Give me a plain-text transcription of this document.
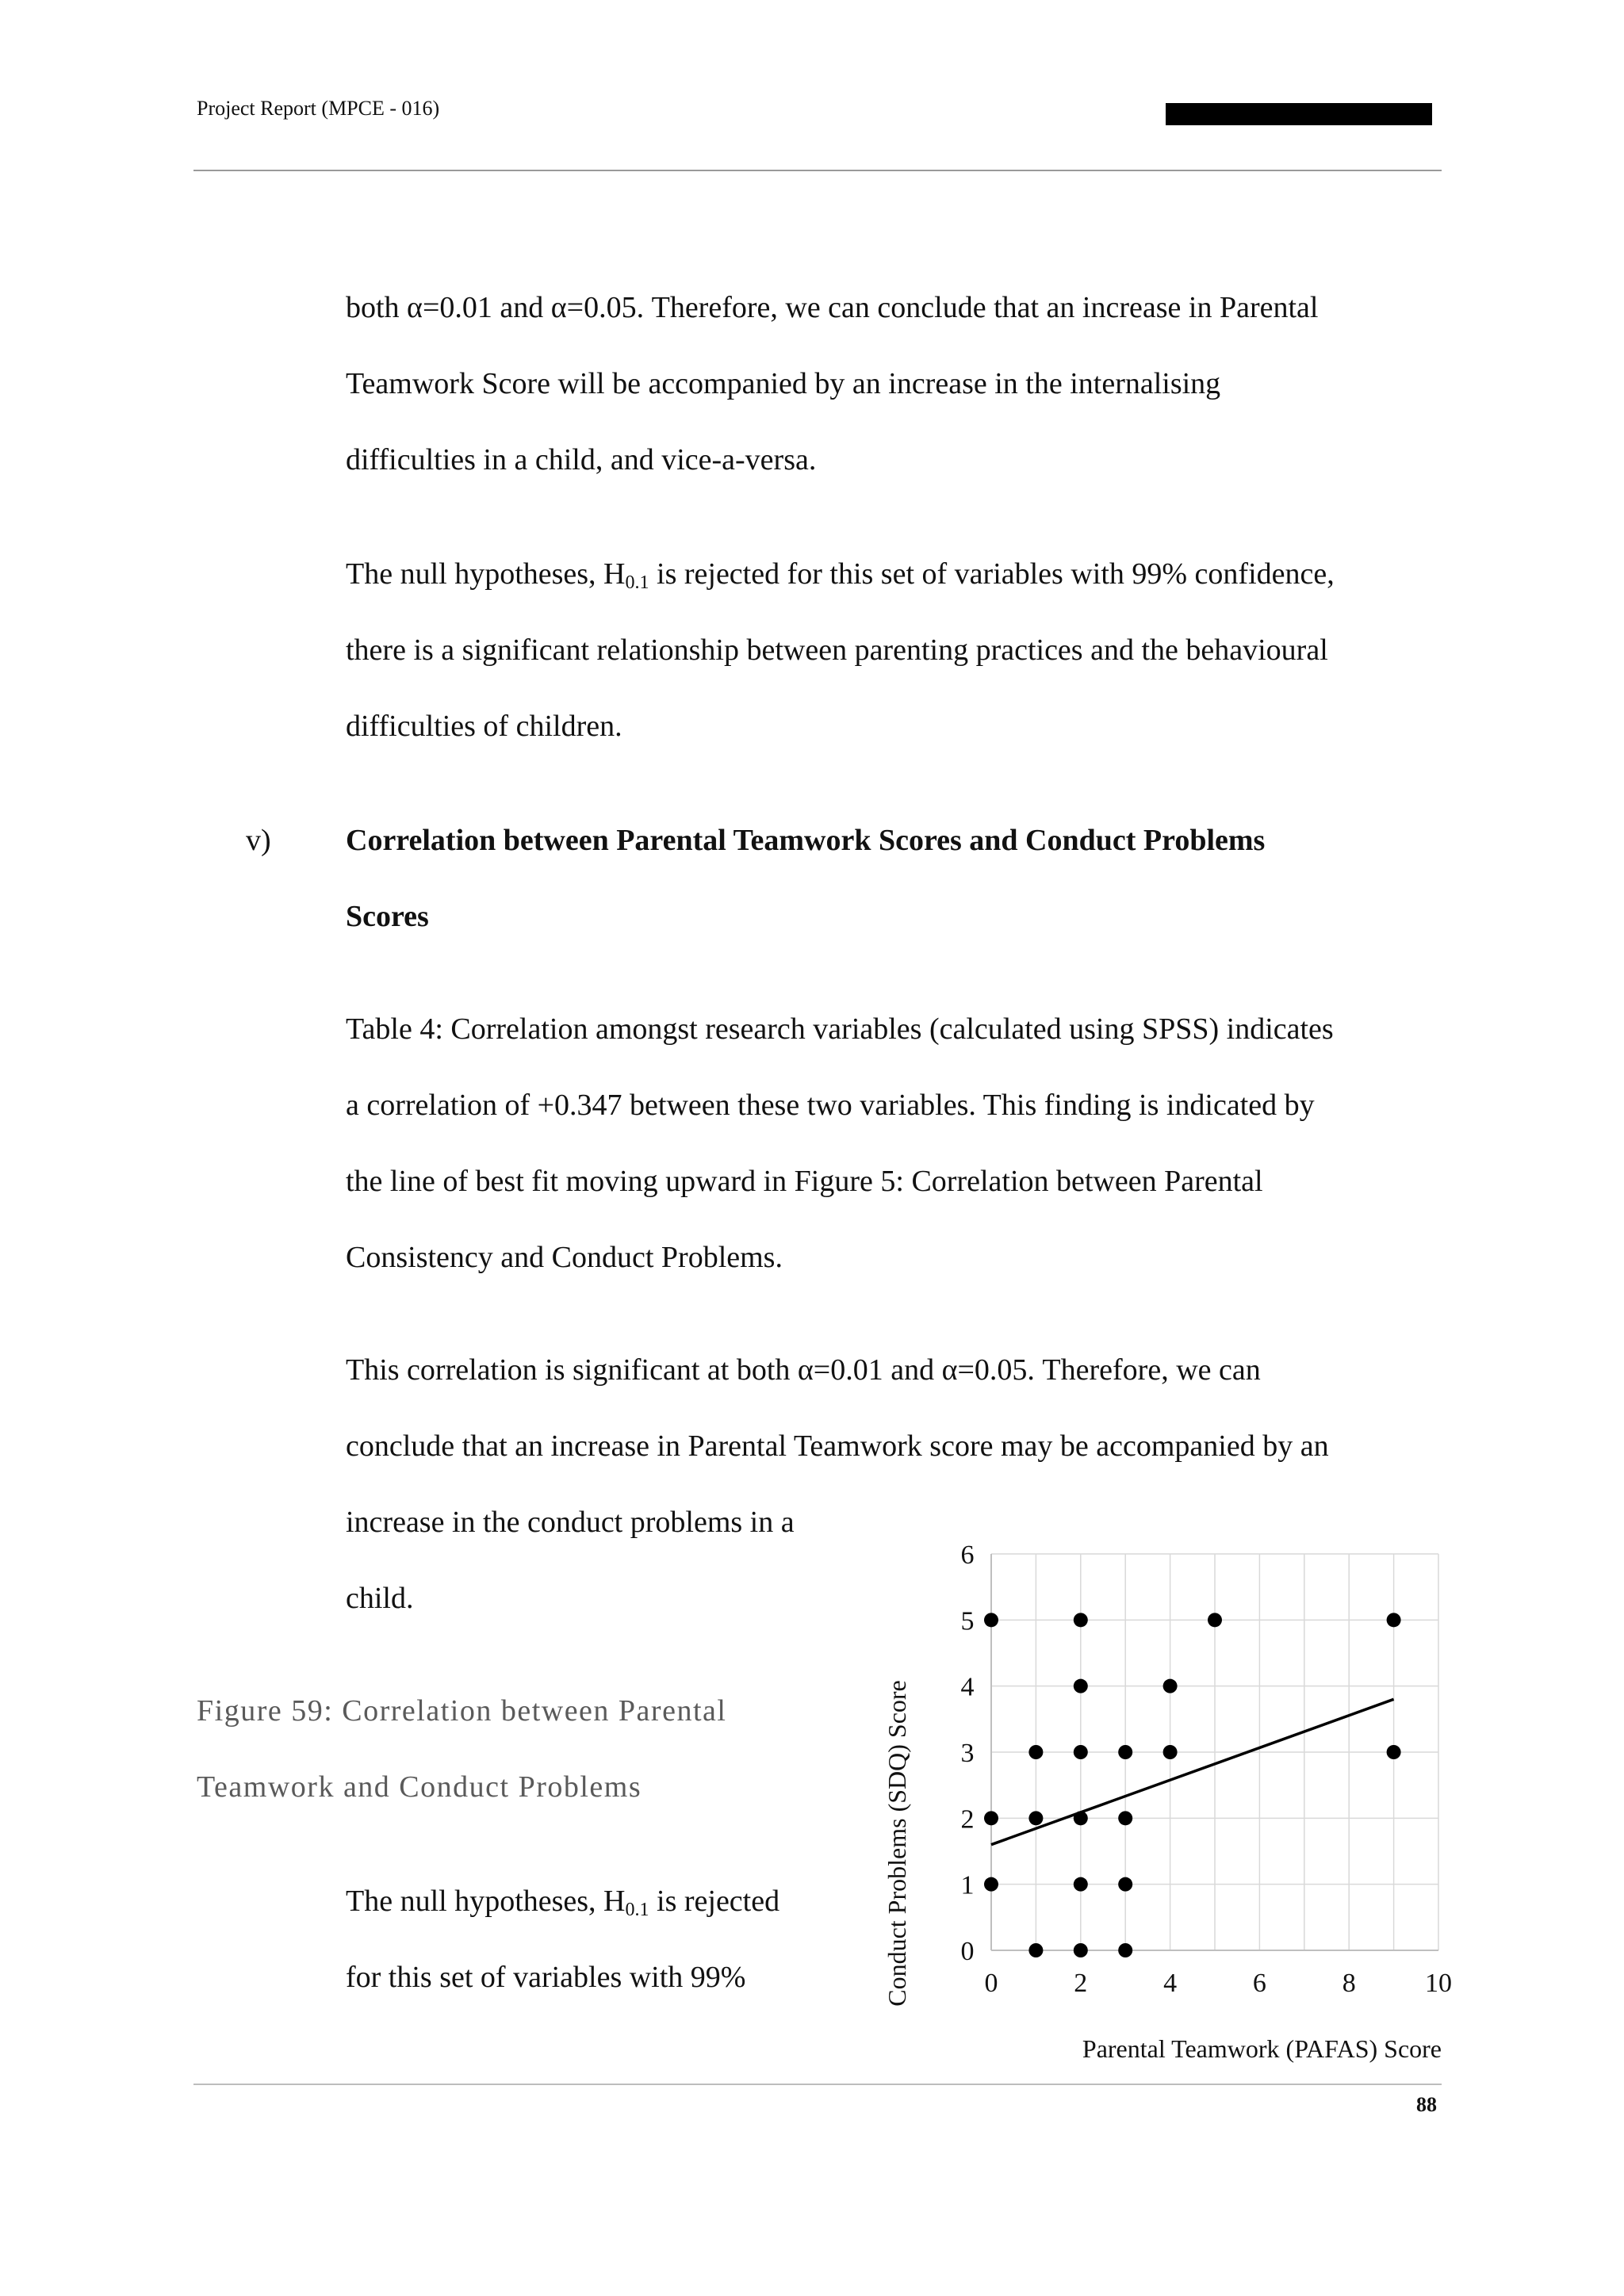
Project Report (MPCE - 016)

both α=0.01 and α=0.05. Therefore, we can conclude that an increase in Parental
Teamwork Score will be accompanied by an increase in the internalising
difficulties in a child, and vice-a-versa.

The null hypotheses, $H_{0.1}$ is rejected for this set of variables with 99% confidence,
there is a significant relationship between parenting practices and the behavioural
difficulties of children.

v) Correlation between Parental Teamwork Scores and Conduct Problems
Scores

Table 4: Correlation amongst research variables (calculated using SPSS) indicates
a correlation of +0.347 between these two variables. This finding is indicated by
the line of best fit moving upward in Figure 5: Correlation between Parental
Consistency and Conduct Problems.

This correlation is significant at both α=0.01 and α=0.05. Therefore, we can
conclude that an increase in Parental Teamwork score may be accompanied by an
increase in the conduct problems in a
child.

Figure 59: Correlation between Parental
Teamwork and Conduct Problems

The null hypotheses, $H_{0.1}$ is rejected
for this set of variables with 99%	0	2	4	6	8	10
0
1
2
3
4
5
6
Conduct Problems (SDQ) Score
Parental Teamwork (PAFAS) Score
88
